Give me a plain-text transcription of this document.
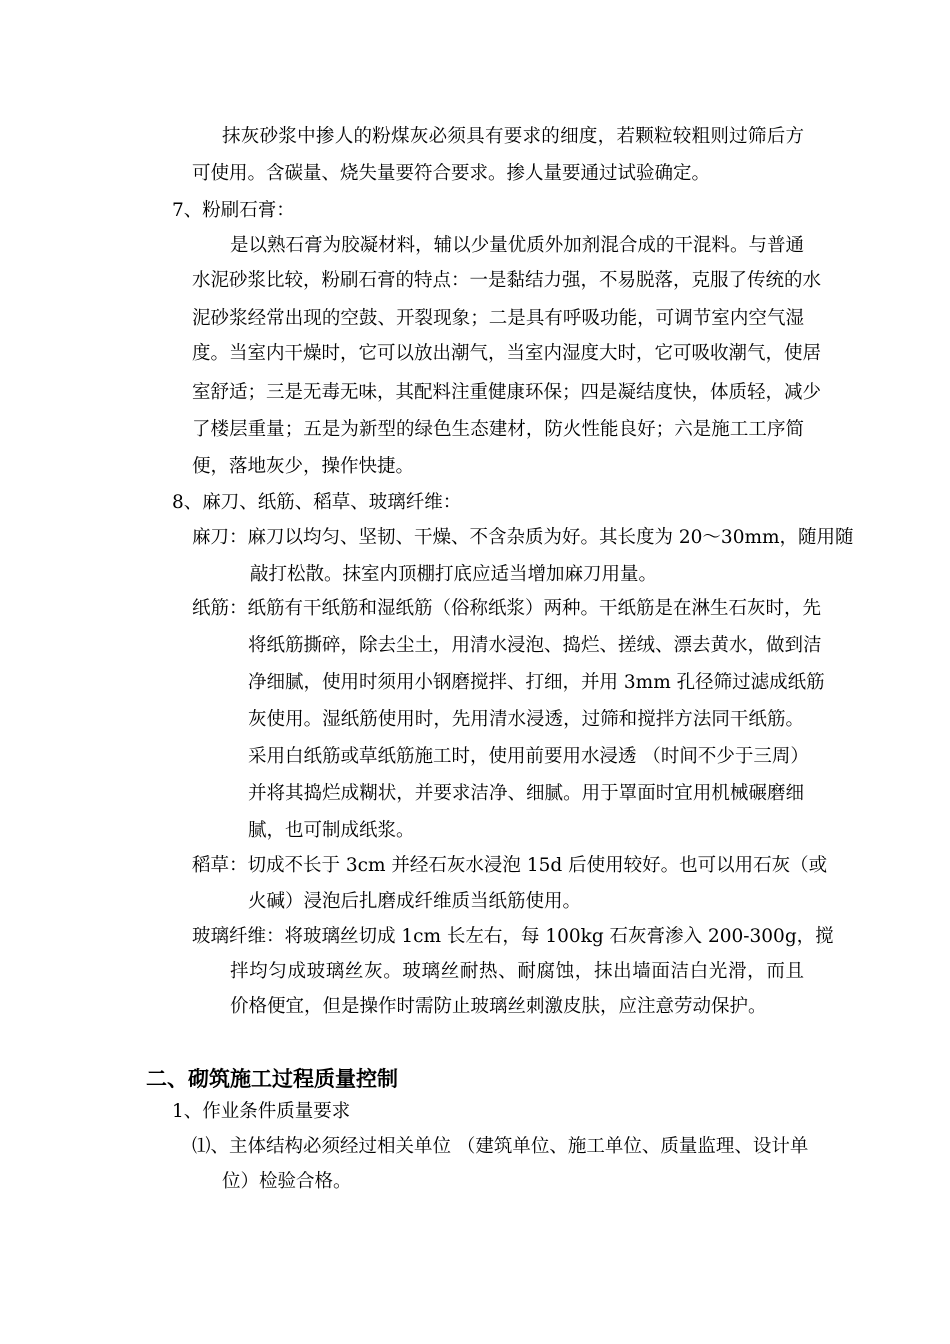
抹灰砂浆中掺人的粉煤灰必须具有要求的细度，若颗粒较粗则过筛后方
可使用。含碳量、烧失量要符合要求。掺人量要通过试验确定。
7、粉刷石膏：
是以熟石膏为胶凝材料，辅以少量优质外加剂混合成的干混料。与普通
水泥砂浆比较，粉刷石膏的特点：一是黏结力强，不易脱落，克服了传统的水
泥砂浆经常出现的空鼓、开裂现象；二是具有呼吸功能，可调节室内空气湿
度。当室内干燥时，它可以放出潮气，当室内湿度大时，它可吸收潮气，使居
室舒适；三是无毒无味，其配料注重健康环保；四是凝结度快，体质轻，减少
了楼层重量；五是为新型的绿色生态建材，防火性能良好；六是施工工序简
便，落地灰少，操作快捷。
8、麻刀、纸筋、稻草、玻璃纤维：
麻刀：麻刀以均匀、坚韧、干燥、不含杂质为好。其长度为 20～30mm，随用随
敲打松散。抹室内顶棚打底应适当增加麻刀用量。
纸筋：纸筋有干纸筋和湿纸筋（俗称纸浆）两种。干纸筋是在淋生石灰时，先
将纸筋撕碎，除去尘土，用清水浸泡、捣烂、搓绒、漂去黄水，做到洁
净细腻，使用时须用小钢磨搅拌、打细，并用 3mm 孔径筛过滤成纸筋
灰使用。湿纸筋使用时，先用清水浸透，过筛和搅拌方法同干纸筋。
采用白纸筋或草纸筋施工时，使用前要用水浸透 （时间不少于三周）
并将其捣烂成糊状，并要求洁净、细腻。用于罩面时宜用机械碾磨细
腻，也可制成纸浆。
稻草：切成不长于 3cm 并经石灰水浸泡 15d 后使用较好。也可以用石灰（或
火碱）浸泡后扎磨成纤维质当纸筋使用。
玻璃纤维：将玻璃丝切成 1cm 长左右，每 100kg 石灰膏渗入 200-300g，搅
拌均匀成玻璃丝灰。玻璃丝耐热、耐腐蚀，抹出墙面洁白光滑，而且
价格便宜，但是操作时需防止玻璃丝刺激皮肤，应注意劳动保护。
二、砌筑施工过程质量控制
1、作业条件质量要求
⑴、主体结构必须经过相关单位 （建筑单位、施工单位、质量监理、设计单
位）检验合格。
